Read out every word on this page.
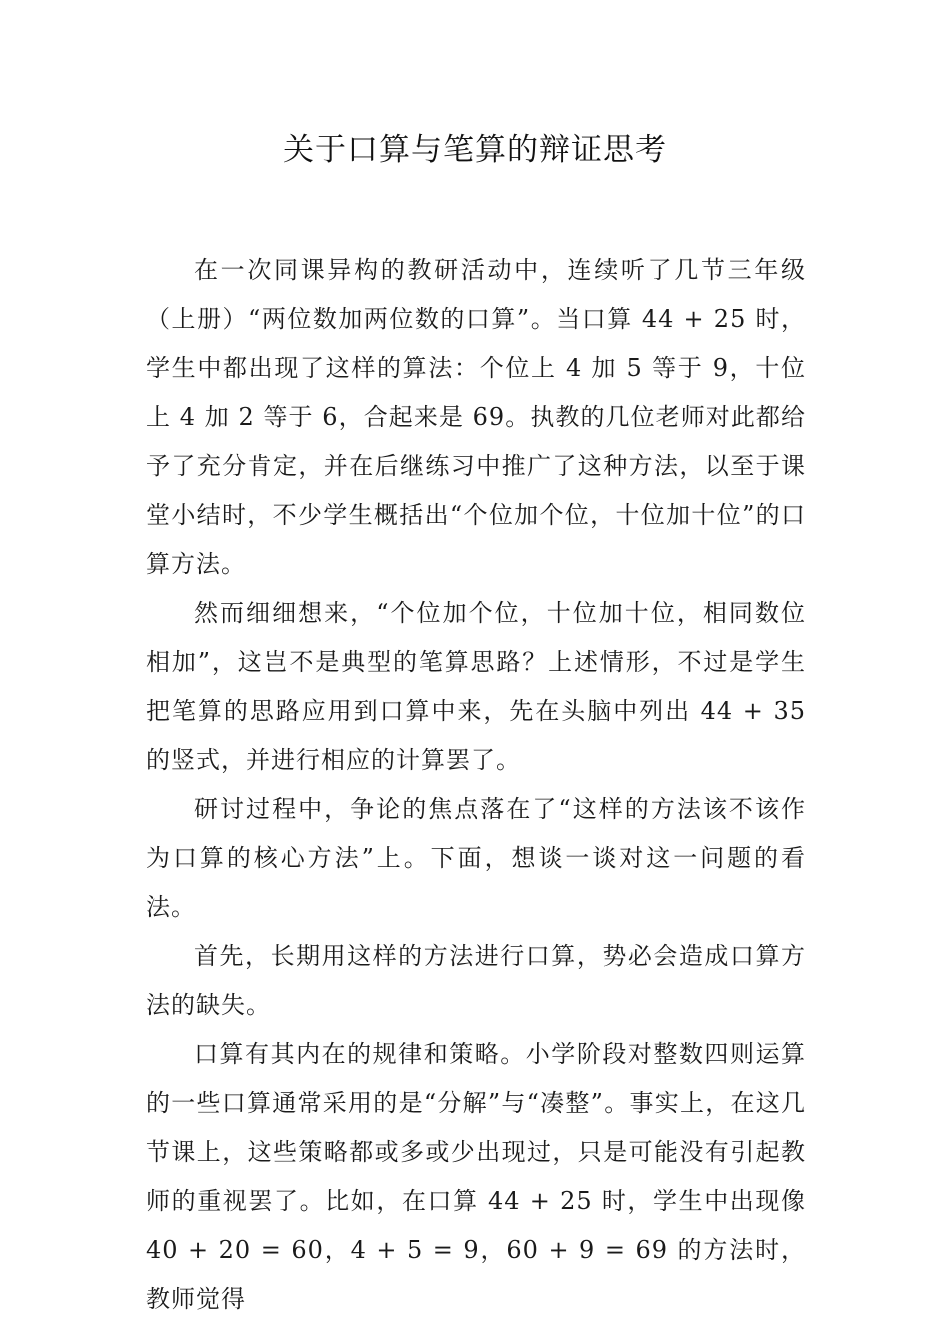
关于口算与笔算的辩证思考

在一次同课异构的教研活动中，连续听了几节三年级（上册）“两位数加两位数的口算”。当口算 44 + 25 时，学生中都出现了这样的算法：个位上 4 加 5 等于 9，十位上 4 加 2 等于 6，合起来是 69。执教的几位老师对此都给予了充分肯定，并在后继练习中推广了这种方法，以至于课堂小结时，不少学生概括出“个位加个位，十位加十位”的口算方法。

然而细细想来，“个位加个位，十位加十位，相同数位相加”，这岂不是典型的笔算思路？上述情形，不过是学生把笔算的思路应用到口算中来，先在头脑中列出 44 + 35 的竖式，并进行相应的计算罢了。

研讨过程中，争论的焦点落在了“这样的方法该不该作为口算的核心方法”上。下面，想谈一谈对这一问题的看法。

首先，长期用这样的方法进行口算，势必会造成口算方法的缺失。

口算有其内在的规律和策略。小学阶段对整数四则运算的一些口算通常采用的是“分解”与“凑整”。事实上，在这几节课上，这些策略都或多或少出现过，只是可能没有引起教师的重视罢了。比如，在口算 44 + 25 时，学生中出现像 40 + 20 = 60，4 + 5 = 9，60 + 9 = 69 的方法时，教师觉得
